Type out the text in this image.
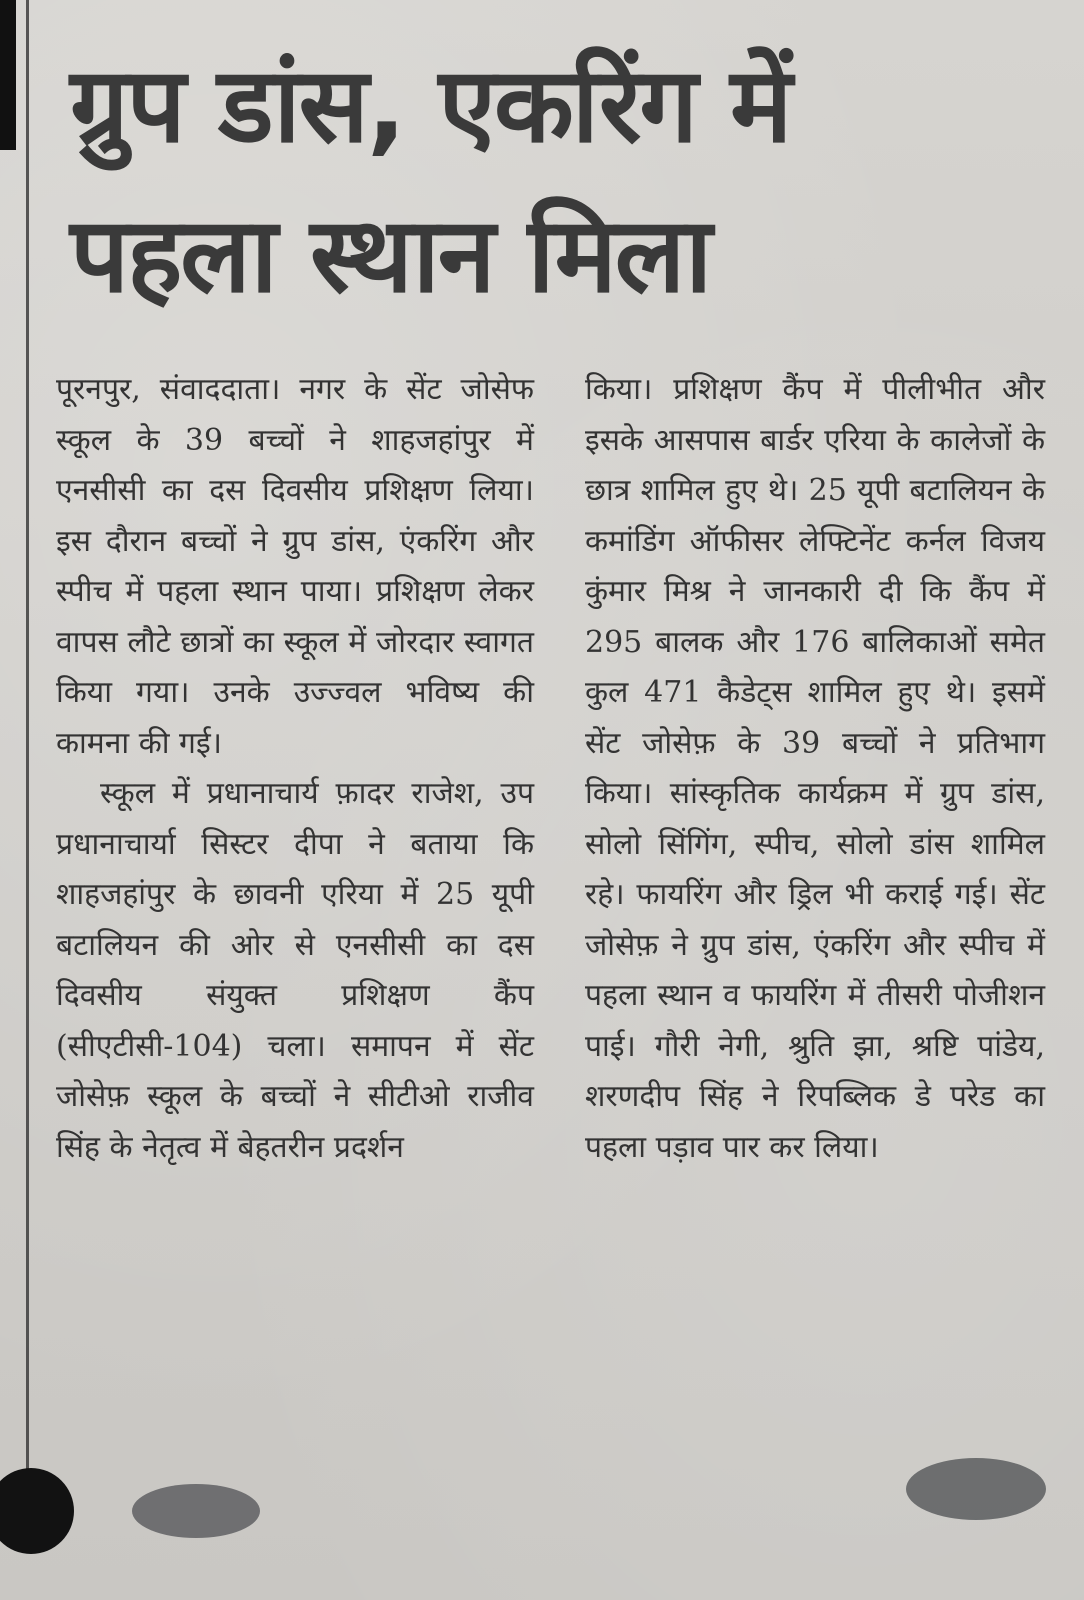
ग्रुप डांस, एकरिंग में पहला स्थान मिला

पूरनपुर, संवाददाता। नगर के सेंट जोसेफ स्कूल के 39 बच्चों ने शाहजहांपुर में एनसीसी का दस दिवसीय प्रशिक्षण लिया। इस दौरान बच्चों ने ग्रुप डांस, एंकरिंग और स्पीच में पहला स्थान पाया। प्रशिक्षण लेकर वापस लौटे छात्रों का स्कूल में जोरदार स्वागत किया गया। उनके उज्ज्वल भविष्य की कामना की गई।

स्कूल में प्रधानाचार्य फ़ादर राजेश, उप प्रधानाचार्या सिस्टर दीपा ने बताया कि शाहजहांपुर के छावनी एरिया में 25 यूपी बटालियन की ओर से एनसीसी का दस दिवसीय संयुक्त प्रशिक्षण कैंप (सीएटीसी-104) चला। समापन में सेंट जोसेफ़ स्कूल के बच्चों ने सीटीओ राजीव सिंह के नेतृत्व में बेहतरीन प्रदर्शन

किया। प्रशिक्षण कैंप में पीलीभीत और इसके आसपास बार्डर एरिया के कालेजों के छात्र शामिल हुए थे। 25 यूपी बटालियन के कमांडिंग ऑफीसर लेफ्टिनेंट कर्नल विजय कुंमार मिश्र ने जानकारी दी कि कैंप में 295 बालक और 176 बालिकाओं समेत कुल 471 कैडेट्स शामिल हुए थे। इसमें सेंट जोसेफ़ के 39 बच्चों ने प्रतिभाग किया। सांस्कृतिक कार्यक्रम में ग्रुप डांस, सोलो सिंगिंग, स्पीच, सोलो डांस शामिल रहे। फायरिंग और ड्रिल भी कराई गई। सेंट जोसेफ़ ने ग्रुप डांस, एंकरिंग और स्पीच में पहला स्थान व फायरिंग में तीसरी पोजीशन पाई। गौरी नेगी, श्रुति झा, श्रष्टि पांडेय, शरणदीप सिंह ने रिपब्लिक डे परेड का पहला पड़ाव पार कर लिया।
